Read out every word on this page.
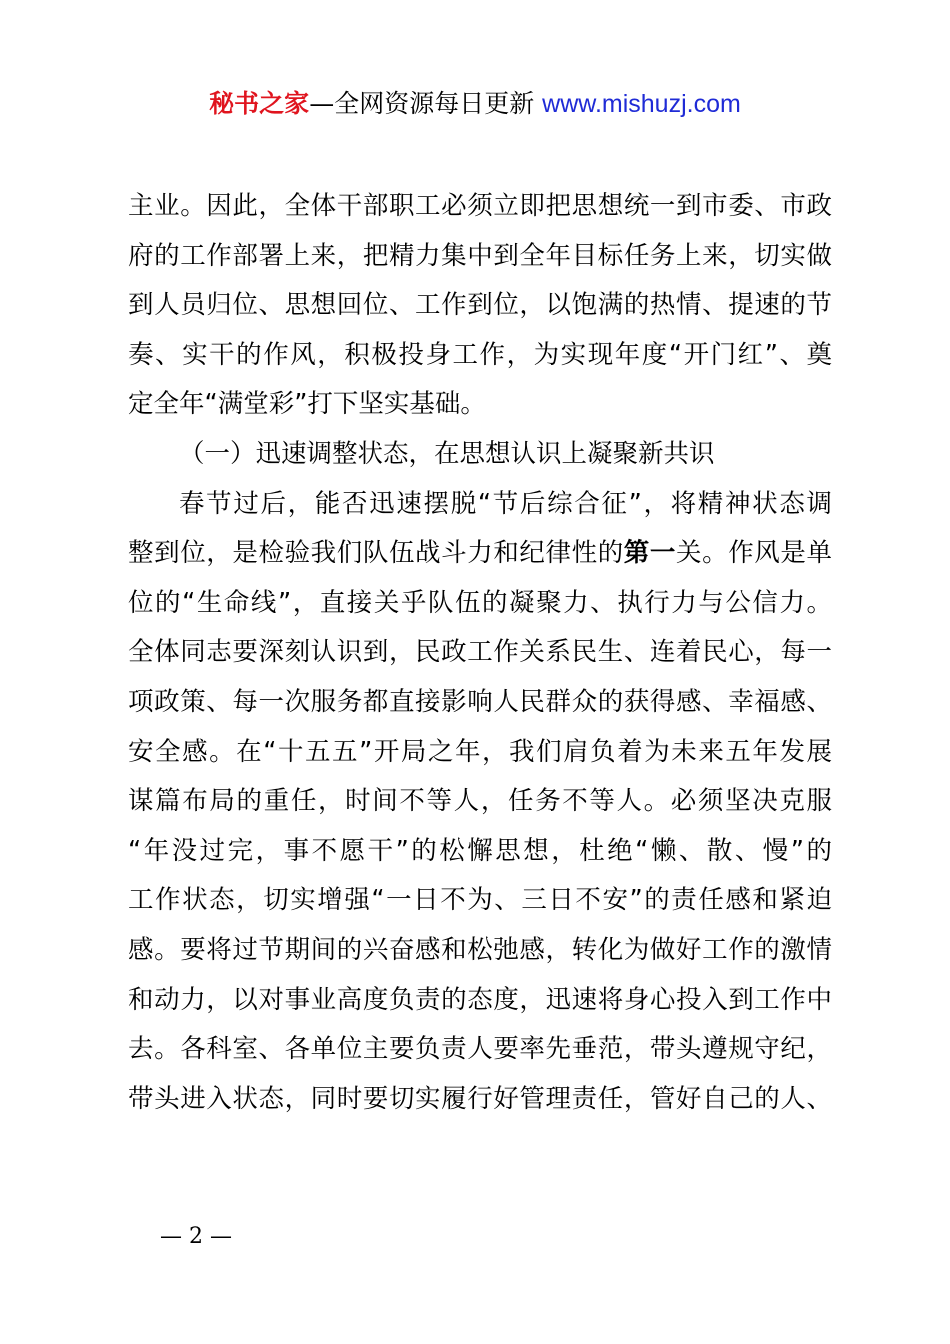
秘书之家—全网资源每日更新 www.mishuzj.com
主业。因此，全体干部职工必须立即把思想统一到市委、市政
府的工作部署上来，把精力集中到全年目标任务上来，切实做
到人员归位、思想回位、工作到位，以饱满的热情、提速的节
奏、实干的作风，积极投身工作，为实现年度“开门红”、奠
定全年“满堂彩”打下坚实基础。
（一）迅速调整状态，在思想认识上凝聚新共识
春节过后，能否迅速摆脱“节后综合征”，将精神状态调
整到位，是检验我们队伍战斗力和纪律性的第一关。作风是单
位的“生命线”，直接关乎队伍的凝聚力、执行力与公信力。
全体同志要深刻认识到，民政工作关系民生、连着民心，每一
项政策、每一次服务都直接影响人民群众的获得感、幸福感、
安全感。在“十五五”开局之年，我们肩负着为未来五年发展
谋篇布局的重任，时间不等人，任务不等人。必须坚决克服
“年没过完，事不愿干”的松懈思想，杜绝“懒、散、慢”的
工作状态，切实增强“一日不为、三日不安”的责任感和紧迫
感。要将过节期间的兴奋感和松弛感，转化为做好工作的激情
和动力，以对事业高度负责的态度，迅速将身心投入到工作中
去。各科室、各单位主要负责人要率先垂范，带头遵规守纪，
带头进入状态，同时要切实履行好管理责任，管好自己的人、
— 2 —
